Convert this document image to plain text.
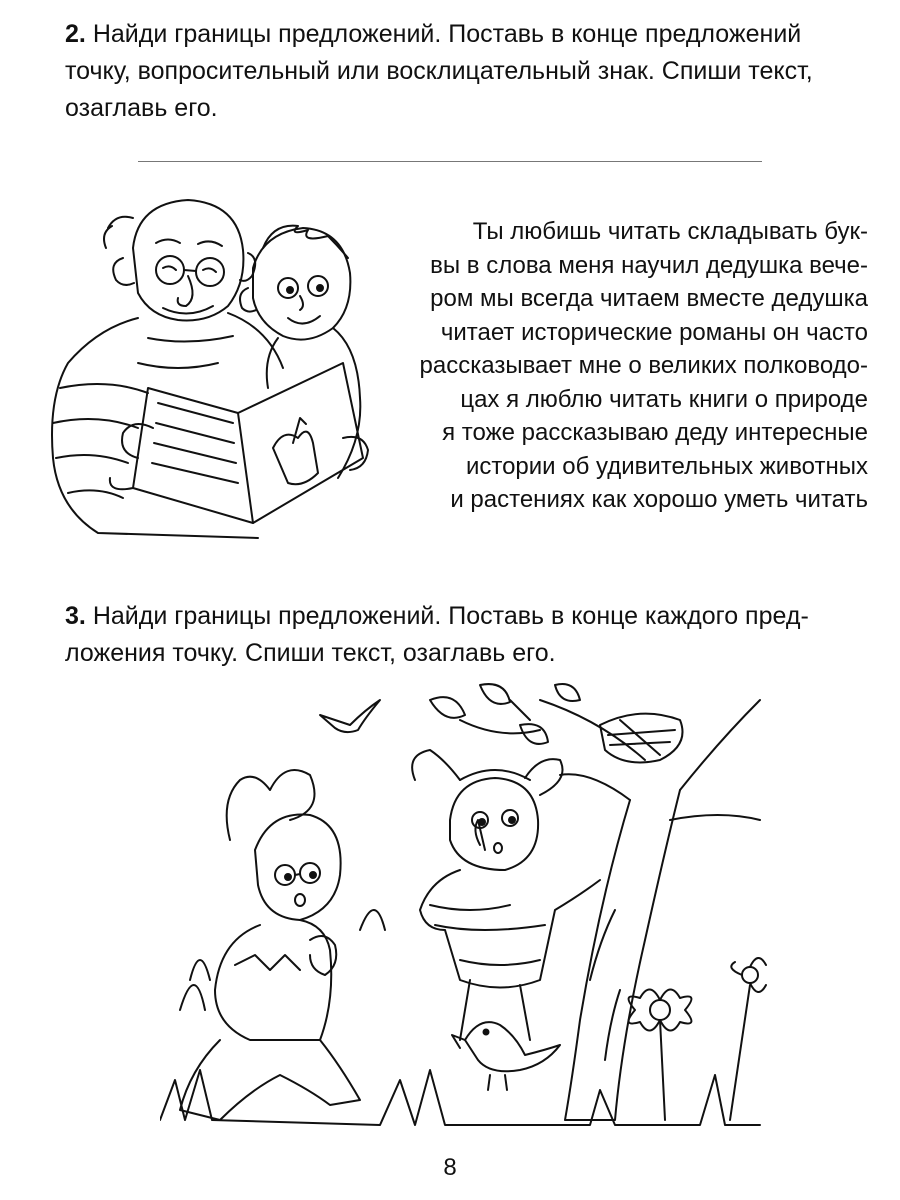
2. Найди границы предложений. Поставь в конце предложений точку, вопросительный или восклицательный знак. Спиши текст, озаглавь его.

Ты любишь читать складывать бук-
вы в слова меня научил дедушка вече-
ром мы всегда читаем вместе дедушка
читает исторические романы он часто
рассказывает мне о великих полководо-
цах я люблю читать книги о природе
я тоже рассказываю деду интересные
истории об удивительных животных
и растениях как хорошо уметь читать

3. Найди границы предложений. Поставь в конце каждого пред-ложения точку. Спиши текст, озаглавь его.

8
